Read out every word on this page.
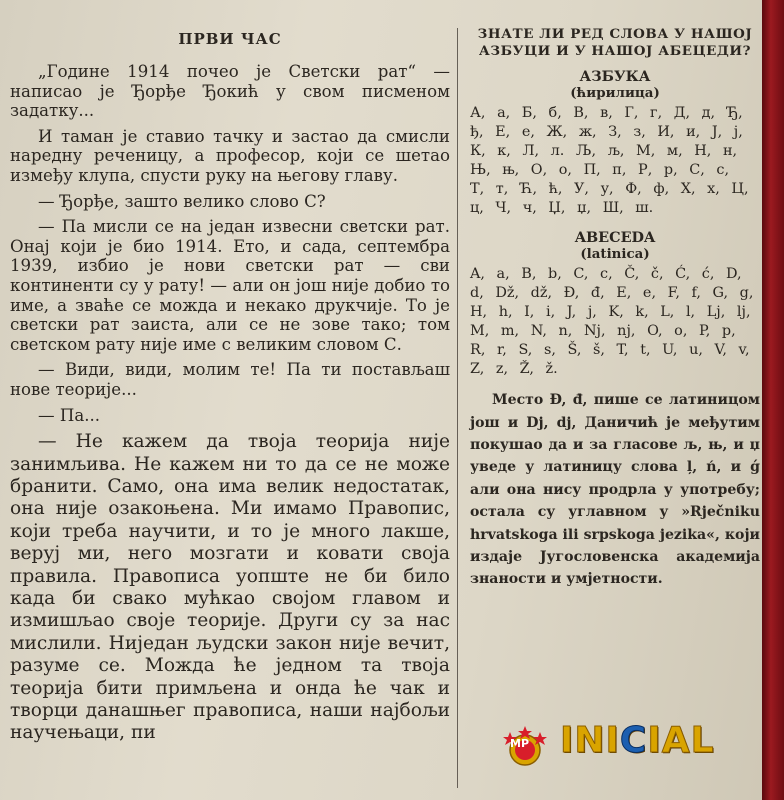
ПРВИ ЧАС

„Године 1914 почео је Светски рат“ — написао је Ђорђе Ђокић у свом писменом задатку...

И таман је ставио тачку и застао да смисли наредну реченицу, а професор, који се шетао између клупа, спусти руку на његову главу.

— Ђорђе, зашто велико слово С?

— Па мисли се на један извесни светски рат. Онај који је био 1914. Ето, и сада, септембра 1939, избио је нови светски рат — сви континенти су у рату! — али он још није добио то име, а зваће се можда и некако друкчије. То је светски рат заиста, али се не зове тако; том светском рату није име с великим словом С.

— Види, види, молим те! Па ти постављаш нове теорије...

— Па...

— Не кажем да твоја теорија није занимљива. Не кажем ни то да се не може бранити. Само, она има велик недостатак, она није озакоњена. Ми имамо Правопис, који треба научити, и то је много лакше, веруј ми, него мозгати и ковати своја правила. Правописа уопште не би било када би свако мућкао својом главом и измишљао своје теорије. Други су за нас мислили. Ниједан људски закон није вечит, разуме се. Можда ће једном та твоја теорија бити примљена и онда ће чак и творци данашњег правописа, наши најбољи научењаци, пи

ЗНАТЕ ЛИ РЕД СЛОВА У НАШОЈ АЗБУЦИ И У НАШОЈ АБЕЦЕДИ?
АЗБУКА
(ћирилица)
А, а, Б, б, В, в, Г, г, Д, д, Ђ, ђ, Е, е, Ж, ж, З, з, И, и, Ј, ј, К, к, Л, л. Љ, љ, М, м, Н, н, Њ, њ, О, о, П, п, Р, р, С, с, Т, т, Ћ, ћ, У, у, Ф, ф, Х, х, Ц, ц, Ч, ч, Џ, џ, Ш, ш.
ABECEDA
(latinica)
A, a, B, b, C, c, Č, č, Ć, ć, D, d, Dž, dž, Đ, đ, E, e, F, f, G, g, H, h, I, i, J, j, K, k, L, l, Lj, lj, M, m, N, n, Nj, nj, O, o, P, p, R, r, S, s, Š, š, T, t, U, u, V, v, Z, z, Ž, ž.

Место Đ, đ, пише се латиницом још и Dj, dj, Даничић је међутим покушао да и за гласове љ, њ, и џ уведе у латиницу слова ļ, ń, и ǵ али она нису продрла у употребу; остала су углавном у »Rječniku hrvatskoga ili srpskoga jezika«, који издаје Југословенска академија знаности и умјетности.

MP INICIAL
